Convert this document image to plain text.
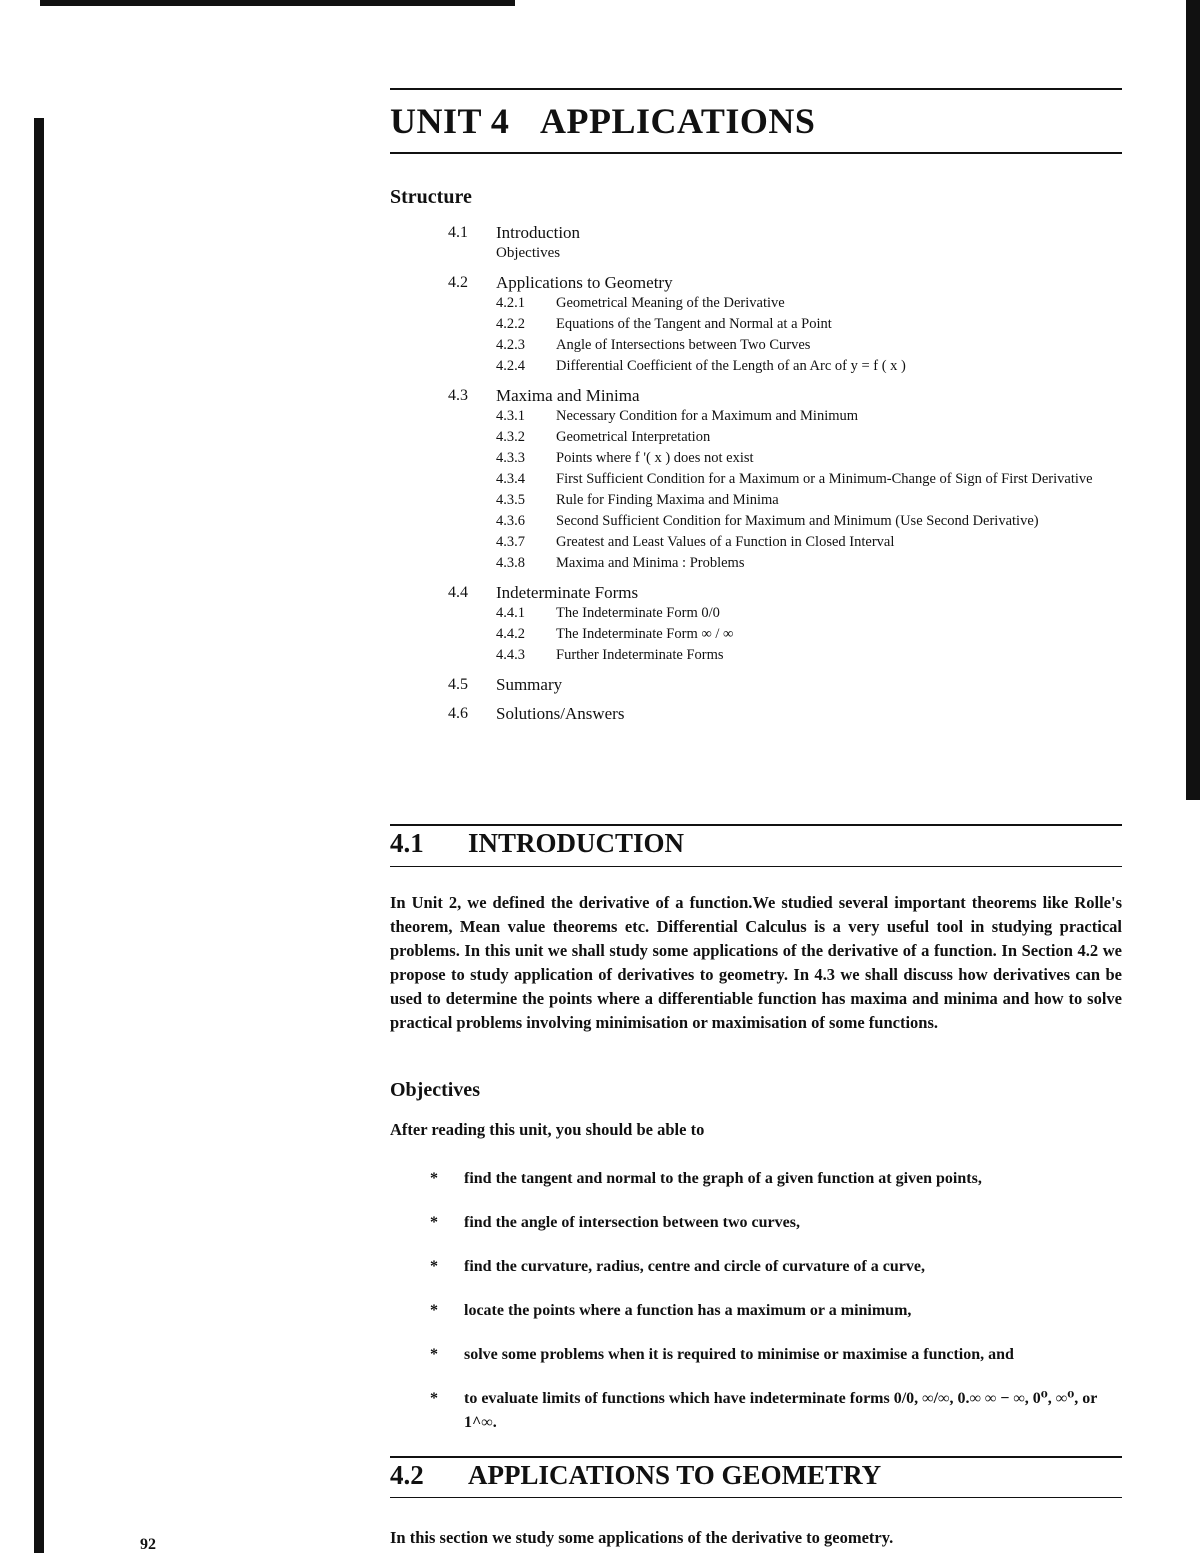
UNIT 4 APPLICATIONS
Structure
4.1	Introduction
Objectives
4.2	Applications to Geometry
4.2.1	Geometrical Meaning of the Derivative
4.2.2	Equations of the Tangent and Normal at a Point
4.2.3	Angle of Intersections between Two Curves
4.2.4	Differential Coefficient of the Length of an Arc of y = f ( x )
4.3	Maxima and Minima
4.3.1	Necessary Condition for a Maximum and Minimum
4.3.2	Geometrical Interpretation
4.3.3	Points where f '( x ) does not exist
4.3.4	First Sufficient Condition for a Maximum or a Minimum-Change of Sign of First Derivative
4.3.5	Rule for Finding Maxima and Minima
4.3.6	Second Sufficient Condition for Maximum and Minimum (Use Second Derivative)
4.3.7	Greatest and Least Values of a Function in Closed Interval
4.3.8	Maxima and Minima : Problems
4.4	Indeterminate Forms
4.4.1	The Indeterminate Form 0/0
4.4.2	The Indeterminate Form ∞ / ∞
4.4.3	Further Indeterminate Forms
4.5	Summary
4.6	Solutions/Answers
4.1 INTRODUCTION
In Unit 2, we defined the derivative of a function.We studied several important theorems like Rolle's theorem, Mean value theorems etc. Differential Calculus is a very useful tool in studying practical problems. In this unit we shall study some applications of the derivative of a function. In Section 4.2 we propose to study application of derivatives to geometry. In 4.3 we shall discuss how derivatives can be used to determine the points where a differentiable function has maxima and minima and how to solve practical problems involving minimisation or maximisation of some functions.
Objectives
After reading this unit, you should be able to
* find the tangent and normal to the graph of a given function at given points,
* find the angle of intersection between two curves,
* find the curvature, radius, centre and circle of curvature of a curve,
* locate the points where a function has a maximum or a minimum,
* solve some problems when it is required to minimise or maximise a function, and
* to evaluate limits of functions which have indeterminate forms 0/0, ∞/∞, 0.∞ ∞ − ∞, 0⁰, ∞⁰, or 1^∞.
4.2 APPLICATIONS TO GEOMETRY
In this section we study some applications of the derivative to geometry.
92
